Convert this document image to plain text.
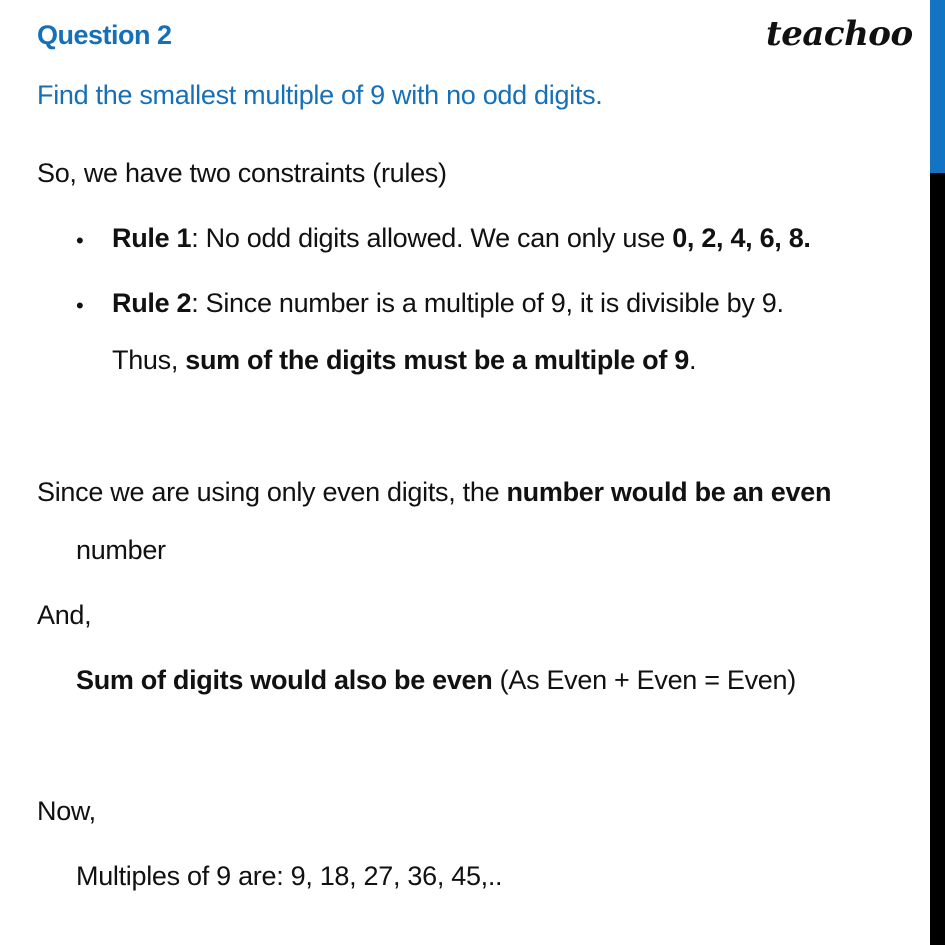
Question 2	teachoo
Find the smallest multiple of 9 with no odd digits.
So, we have two constraints (rules)
• Rule 1: No odd digits allowed. We can only use 0, 2, 4, 6, 8.
• Rule 2: Since number is a multiple of 9, it is divisible by 9.
Thus, sum of the digits must be a multiple of 9.
Since we are using only even digits, the number would be an even
number
And,
Sum of digits would also be even (As Even + Even = Even)
Now,
Multiples of 9 are: 9, 18, 27, 36, 45,..
